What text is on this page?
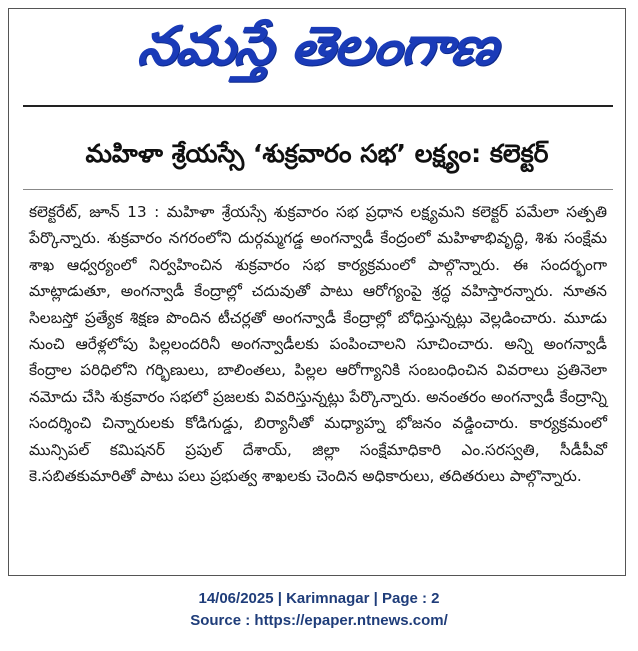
నమస్తే తెలంగాణ
మహిళా శ్రేయస్సే ‘శుక్రవారం సభ’ లక్ష్యం: కలెక్టర్

కలెక్టరేట్, జూన్ 13 : మహిళా శ్రేయస్సే శుక్రవారం సభ ప్రధాన లక్ష్యమని కలెక్టర్ పమేలా సత్పతి పేర్కొన్నారు. శుక్రవారం నగరంలోని దుర్గమ్మగడ్డ అంగన్వాడీ కేంద్రంలో మహిళాభివృద్ధి, శిశు సంక్షేమ శాఖ ఆధ్వర్యంలో నిర్వహించిన శుక్రవారం సభ కార్యక్రమంలో పాల్గొన్నారు. ఈ సందర్భంగా మాట్లాడుతూ, అంగన్వాడీ కేంద్రాల్లో చదువుతో పాటు ఆరోగ్యంపై శ్రద్ధ వహిస్తారన్నారు. నూతన సిలబస్తో ప్రత్యేక శిక్షణ పొందిన టీచర్లతో అంగన్వాడీ కేంద్రాల్లో బోధిస్తున్నట్లు వెల్లడించారు. మూడు నుంచి ఆరేళ్లలోపు పిల్లలందరినీ అంగన్వాడీలకు పంపించాలని సూచించారు. అన్ని అంగన్వాడీ కేంద్రాల పరిధిలోని గర్భిణులు, బాలింతలు, పిల్లల ఆరోగ్యానికి సంబంధించిన వివరాలు ప్రతినెలా నమోదు చేసి శుక్రవారం సభలో ప్రజలకు వివరిస్తున్నట్లు పేర్కొన్నారు. అనంతరం అంగన్వాడీ కేంద్రాన్ని సందర్శించి చిన్నారులకు కోడిగుడ్డు, బిర్యానీతో మధ్యాహ్న భోజనం వడ్డించారు. కార్యక్రమంలో మున్సిపల్ కమిషనర్ ప్రపుల్ దేశాయ్, జిల్లా సంక్షేమాధికారి ఎం.సరస్వతి, సీడీపీవో కె.సబితకుమారితో పాటు పలు ప్రభుత్వ శాఖలకు చెందిన అధికారులు, తదితరులు పాల్గొన్నారు.

14/06/2025 | Karimnagar | Page : 2
Source : https://epaper.ntnews.com/
